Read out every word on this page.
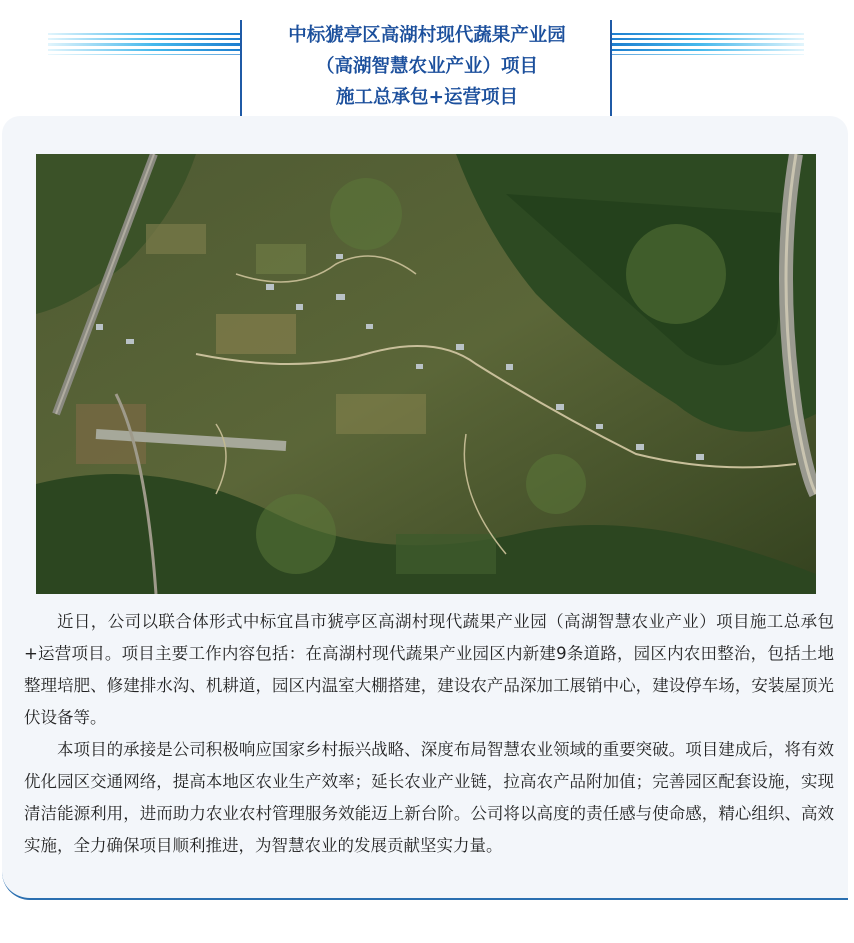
中标猇亭区高湖村现代蔬果产业园
（高湖智慧农业产业）项目
施工总承包+运营项目

近日，公司以联合体形式中标宜昌市猇亭区高湖村现代蔬果产业园（高湖智慧农业产业）项目施工总承包+运营项目。项目主要工作内容包括：在高湖村现代蔬果产业园区内新建9条道路，园区内农田整治，包括土地整理培肥、修建排水沟、机耕道，园区内温室大棚搭建，建设农产品深加工展销中心，建设停车场，安装屋顶光伏设备等。

本项目的承接是公司积极响应国家乡村振兴战略、深度布局智慧农业领域的重要突破。项目建成后，将有效优化园区交通网络，提高本地区农业生产效率；延长农业产业链，拉高农产品附加值；完善园区配套设施，实现清洁能源利用，进而助力农业农村管理服务效能迈上新台阶。公司将以高度的责任感与使命感，精心组织、高效实施，全力确保项目顺利推进，为智慧农业的发展贡献坚实力量。
